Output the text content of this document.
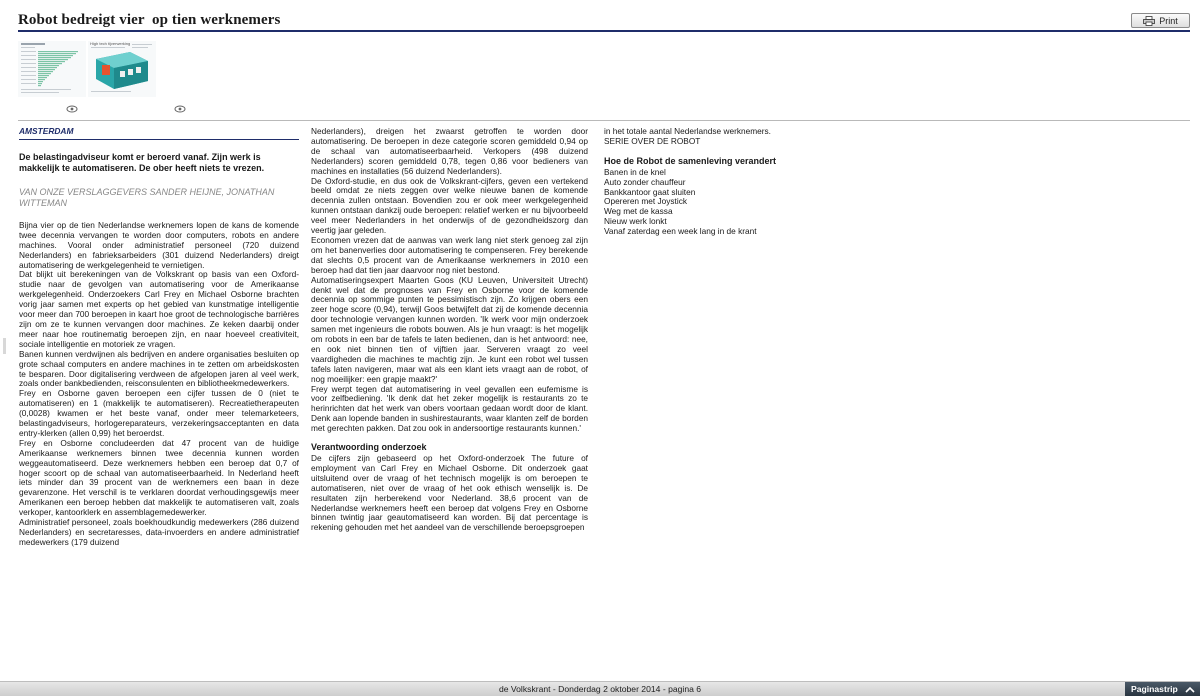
Robot bedreigt vier  op tien werknemers	Print
High tech tijverwerking
AMSTERDAM
De belastingadviseur komt er beroerd vanaf. Zijn werk is makkelijk te automatiseren. De ober heeft niets te vrezen.
VAN ONZE VERSLAGGEVERS SANDER HEIJNE, JONATHAN WITTEMAN

Bijna vier op de tien Nederlandse werknemers lopen de kans de komende twee decennia vervangen te worden door computers, robots en andere machines. Vooral onder administratief personeel (720 duizend Nederlanders) en fabrieksarbeiders (301 duizend Nederlanders) dreigt automatisering de werkgelegenheid te vernietigen.

Dat blijkt uit berekeningen van de Volkskrant op basis van een Oxford-studie naar de gevolgen van automatisering voor de Amerikaanse werkgelegenheid. Onderzoekers Carl Frey en Michael Osborne brachten vorig jaar samen met experts op het gebied van kunstmatige intelligentie voor meer dan 700 beroepen in kaart hoe groot de technologische barrières zijn om ze te kunnen vervangen door machines. Ze keken daarbij onder meer naar hoe routinematig beroepen zijn, en naar hoeveel creativiteit, sociale intelligentie en motoriek ze vragen.

Banen kunnen verdwijnen als bedrijven en andere organisaties besluiten op grote schaal computers en andere machines in te zetten om arbeidskosten te besparen. Door digitalisering verdween de afgelopen jaren al veel werk, zoals onder bankbedienden, reisconsulenten en bibliotheekmedewerkers.

Frey en Osborne gaven beroepen een cijfer tussen de 0 (niet te automatiseren) en 1 (makkelijk te automatiseren). Recreatietherapeuten (0,0028) kwamen er het beste vanaf, onder meer telemarketeers, belastingadviseurs, horlogereparateurs, verzekeringsacceptanten en data entry-klerken (allen 0,99) het beroerdst.

Frey en Osborne concludeerden dat 47 procent van de huidige Amerikaanse werknemers binnen twee decennia kunnen worden weggeautomatiseerd. Deze werknemers hebben een beroep dat 0,7 of hoger scoort op de schaal van automatiseerbaarheid. In Nederland heeft iets minder dan 39 procent van de werknemers een baan in deze gevarenzone. Het verschil is te verklaren doordat verhoudingsgewijs meer Amerikanen een beroep hebben dat makkelijk te automatiseren valt, zoals verkoper, kantoorklerk en assemblagemedewerker.

Administratief personeel, zoals boekhoudkundig medewerkers (286 duizend Nederlanders) en secretaresses, data-invoerders en andere administratief medewerkers (179 duizend

Nederlanders), dreigen het zwaarst getroffen te worden door automatisering. De beroepen in deze categorie scoren gemiddeld 0,94 op de schaal van automatiseerbaarheid. Verkopers (498 duizend Nederlanders) scoren gemiddeld 0,78, tegen 0,86 voor bedieners van machines en installaties (56 duizend Nederlanders).

De Oxford-studie, en dus ook de Volkskrant-cijfers, geven een vertekend beeld omdat ze niets zeggen over welke nieuwe banen de komende decennia zullen ontstaan. Bovendien zou er ook meer werkgelegenheid kunnen ontstaan dankzij oude beroepen: relatief werken er nu bijvoorbeeld veel meer Nederlanders in het onderwijs of de gezondheidszorg dan veertig jaar geleden.

Economen vrezen dat de aanwas van werk lang niet sterk genoeg zal zijn om het banenverlies door automatisering te compenseren. Frey berekende dat slechts 0,5 procent van de Amerikaanse werknemers in 2010 een beroep had dat tien jaar daarvoor nog niet bestond.

Automatiseringsexpert Maarten Goos (KU Leuven, Universiteit Utrecht) denkt wel dat de prognoses van Frey en Osborne voor de komende decennia op sommige punten te pessimistisch zijn. Zo krijgen obers een zeer hoge score (0,94), terwijl Goos betwijfelt dat zij de komende decennia door technologie vervangen kunnen worden. 'Ik werk voor mijn onderzoek samen met ingenieurs die robots bouwen. Als je hun vraagt: is het mogelijk om robots in een bar de tafels te laten bedienen, dan is het antwoord: nee, en ook niet binnen tien of vijftien jaar. Serveren vraagt zo veel vaardigheden die machines te machtig zijn. Je kunt een robot wel tussen tafels laten navigeren, maar wat als een klant iets vraagt aan de robot, of nog moeilijker: een grapje maakt?'

Frey werpt tegen dat automatisering in veel gevallen een eufemisme is voor zelfbediening. 'Ik denk dat het zeker mogelijk is restaurants zo te herinrichten dat het werk van obers voortaan gedaan wordt door de klant. Denk aan lopende banden in sushirestaurants, waar klanten zelf de borden met gerechten pakken. Dat zou ook in andersoortige restaurants kunnen.'

Verantwoording onderzoek

De cijfers zijn gebaseerd op het Oxford-onderzoek The future of employment van Carl Frey en Michael Osborne. Dit onderzoek gaat uitsluitend over de vraag of het technisch mogelijk is om beroepen te automatiseren, niet over de vraag of het ook ethisch wenselijk is. De resultaten zijn herberekend voor Nederland. 38,6 procent van de Nederlandse werknemers heeft een beroep dat volgens Frey en Osborne binnen twintig jaar geautomatiseerd kan worden. Bij dat percentage is rekening gehouden met het aandeel van de verschillende beroepsgroepen

in het totale aantal Nederlandse werknemers.

SERIE OVER DE ROBOT

Hoe de Robot de samenleving verandert

Banen in de knel

Auto zonder chauffeur

Bankkantoor gaat sluiten

Opereren met Joystick

Weg met de kassa

Nieuw werk lonkt

Vanaf zaterdag een week lang in de krant

de Volkskrant - Donderdag 2 oktober 2014 - pagina 6	Paginastrip
